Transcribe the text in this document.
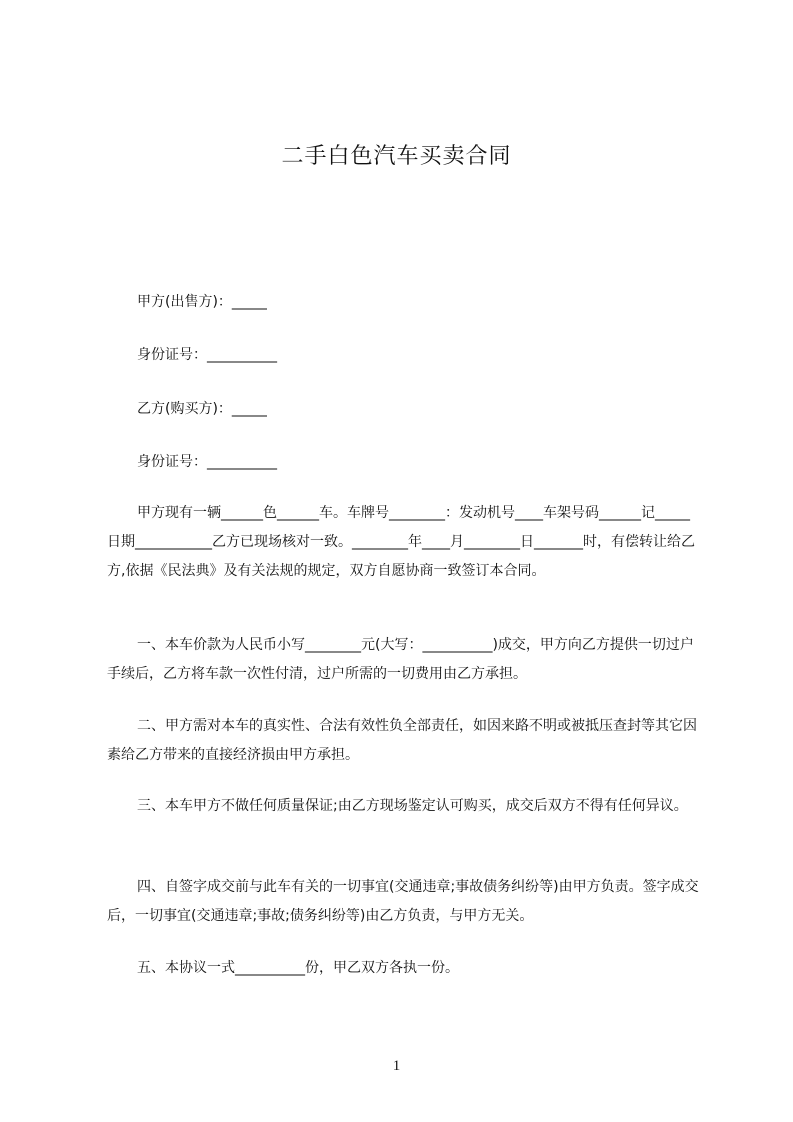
二手白色汽车买卖合同
甲方(出售方)：_____
身份证号：__________
乙方(购买方)：_____
身份证号：__________
甲方现有一辆______色______车。车牌号________：发动机号____车架号码______记_____日期___________乙方已现场核对一致。________年____月________日_______时，有偿转让给乙方,依据《民法典》及有关法规的规定，双方自愿协商一致签订本合同。
一、本车价款为人民币小写________元(大写：__________)成交，甲方向乙方提供一切过户手续后，乙方将车款一次性付清，过户所需的一切费用由乙方承担。
二、甲方需对本车的真实性、合法有效性负全部责任，如因来路不明或被抵压查封等其它因素给乙方带来的直接经济损由甲方承担。
三、本车甲方不做任何质量保证;由乙方现场鉴定认可购买，成交后双方不得有任何异议。
四、自签字成交前与此车有关的一切事宜(交通违章;事故债务纠纷等)由甲方负责。签字成交后，一切事宜(交通违章;事故;债务纠纷等)由乙方负责，与甲方无关。
五、本协议一式__________份，甲乙双方各执一份。
1
